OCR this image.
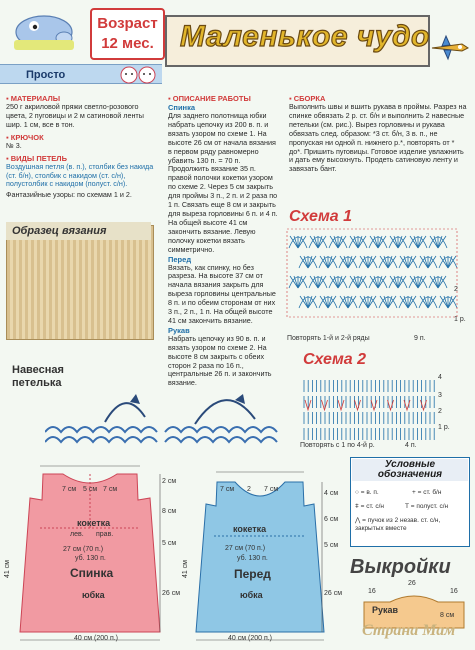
Возраст
12 мес. Маленькое чудо
Просто
▪ МАТЕРИАЛЫ
250 г акриловой пряжи светло-розового цвета, 2 пуговицы и 2 м сатиновой ленты шир. 1 см, все в тон.
▪ КРЮЧОК
№ 3.
▪ ВИДЫ ПЕТЕЛЬ
Воздушная петля (в. п.), столбик без накида (ст. б/н), столбик с накидом (ст. с/н), полустолбик с накидом (полуст. с/н).
Фантазийные узоры: по схемам 1 и 2.
Образец вязания
Навесная
петелька
▪ ОПИСАНИЕ РАБОТЫ
Спинка
Для заднего полотнища юбки набрать цепочку из 200 в. п. и вязать узором по схеме 1. На высоте 26 см от начала вязания в первом ряду равномерно убавить 130 п. = 70 п. Продолжить вязание 35 п. правой полочки кокетки узором по схеме 2. Через 5 см закрыть для проймы 3 п., 2 п. и 2 раза по 1 п. Связать еще 8 см и закрыть для выреза горловины 6 п. и 4 п. На общей высоте 41 см закончить вязание. Левую полочку кокетки вязать симметрично.
Перед
Вязать, как спинку, но без разреза. На высоте 37 см от начала вязания закрыть для выреза горловины центральные 8 п. и по обеим сторонам от них 3 п., 2 п., 1 п. На общей высоте 41 см закончить вязание.
Рукав
Набрать цепочку из 90 в. п. и вязать узором по схеме 2. На высоте 8 см закрыть с обеих сторон 2 раза по 16 п., центральные 26 п. и закончить вязание.
▪ СБОРКА
Выполнить швы и вшить рукава в проймы. Разрез на спинке обвязать 2 р. ст. б/н и выполнить 2 навесные петельки (см. рис.). Вырез горловины и рукава обвязать след. образом: *3 ст. б/н, 3 в. п., не пропуская ни одной п. нижнего р.*, повторять от * до*. Пришить пуговицы. Готовое изделие увлажнить и дать ему высохнуть. Продеть сатиновую ленту и завязать бант.
Схема 1
2
1 р.
Повторять 1-й и 2-й ряды	9 п.
Схема 2
4
3
2
1 р.
Повторять с 1 по 4-й р.	4 п.
Условные обозначения
○ = в. п.	+ = ст. б/н
ǂ = ст. с/н	Т = полуст. с/н
⋀ = пучок из 2 незав. ст. с/н, закрытых вместе
Выкройки
7 см 5 см 7 см
кокетка
лев. прав.
27 см (70 п.)
уб. 130 п.
Спинка
юбка
40 см (200 п.)
2 см
8 см
5 см
26 см
41 см
7 см 2 7 см
кокетка
27 см (70 п.)
уб. 130 п.
Перед
юбка
40 см (200 п.)
4 см
6 см
5 см
26 см
41 см
16
26
16
Рукав
8 см
Страна Мам
